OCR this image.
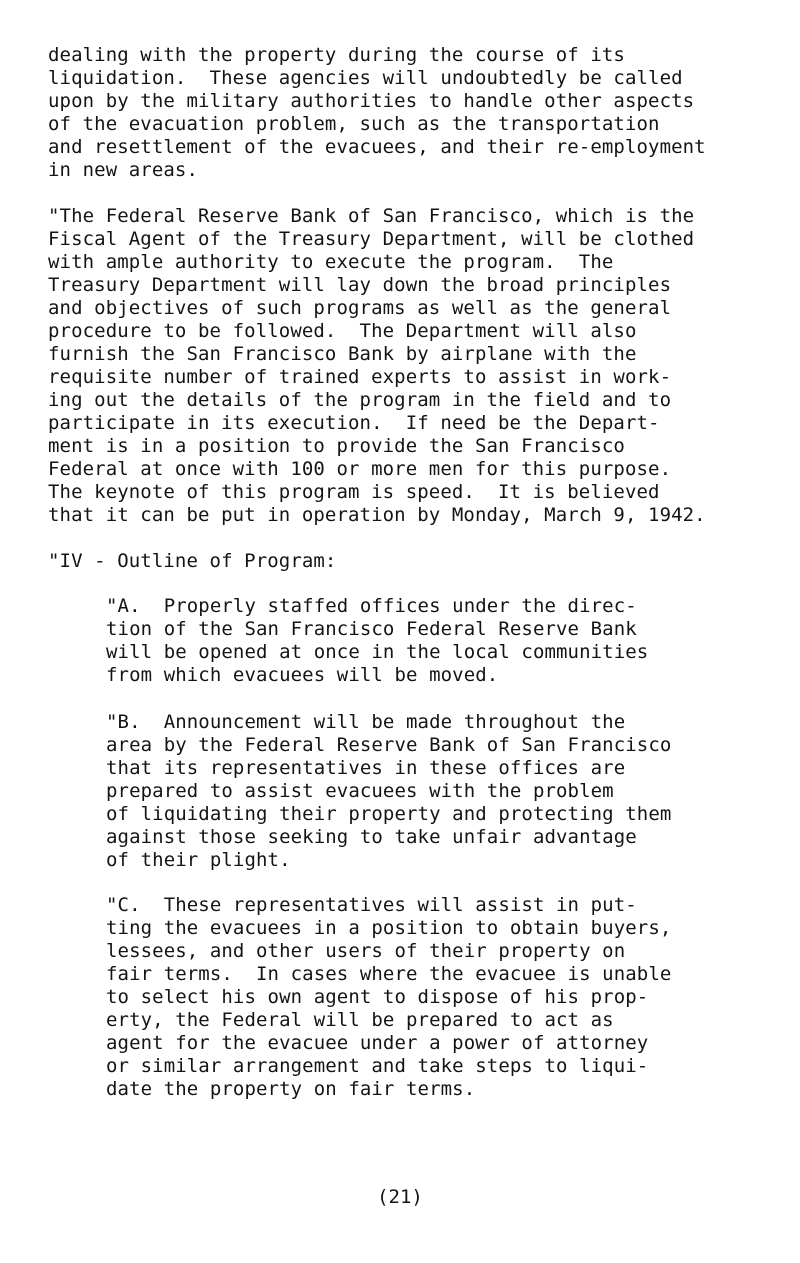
dealing with the property during the course of its
liquidation.  These agencies will undoubtedly be called
upon by the military authorities to handle other aspects
of the evacuation problem, such as the transportation
and resettlement of the evacuees, and their re-employment
in new areas.
"The Federal Reserve Bank of San Francisco, which is the
Fiscal Agent of the Treasury Department, will be clothed
with ample authority to execute the program.  The
Treasury Department will lay down the broad principles
and objectives of such programs as well as the general
procedure to be followed.  The Department will also
furnish the San Francisco Bank by airplane with the
requisite number of trained experts to assist in work-
ing out the details of the program in the field and to
participate in its execution.  If need be the Depart-
ment is in a position to provide the San Francisco
Federal at once with 100 or more men for this purpose.
The keynote of this program is speed.  It is believed
that it can be put in operation by Monday, March 9, 1942.
"IV - Outline of Program:
"A.  Properly staffed offices under the direc-
tion of the San Francisco Federal Reserve Bank
will be opened at once in the local communities
from which evacuees will be moved.
"B.  Announcement will be made throughout the
area by the Federal Reserve Bank of San Francisco
that its representatives in these offices are
prepared to assist evacuees with the problem
of liquidating their property and protecting them
against those seeking to take unfair advantage
of their plight.
"C.  These representatives will assist in put-
ting the evacuees in a position to obtain buyers,
lessees, and other users of their property on
fair terms.  In cases where the evacuee is unable
to select his own agent to dispose of his prop-
erty, the Federal will be prepared to act as
agent for the evacuee under a power of attorney
or similar arrangement and take steps to liqui-
date the property on fair terms.
(21)
